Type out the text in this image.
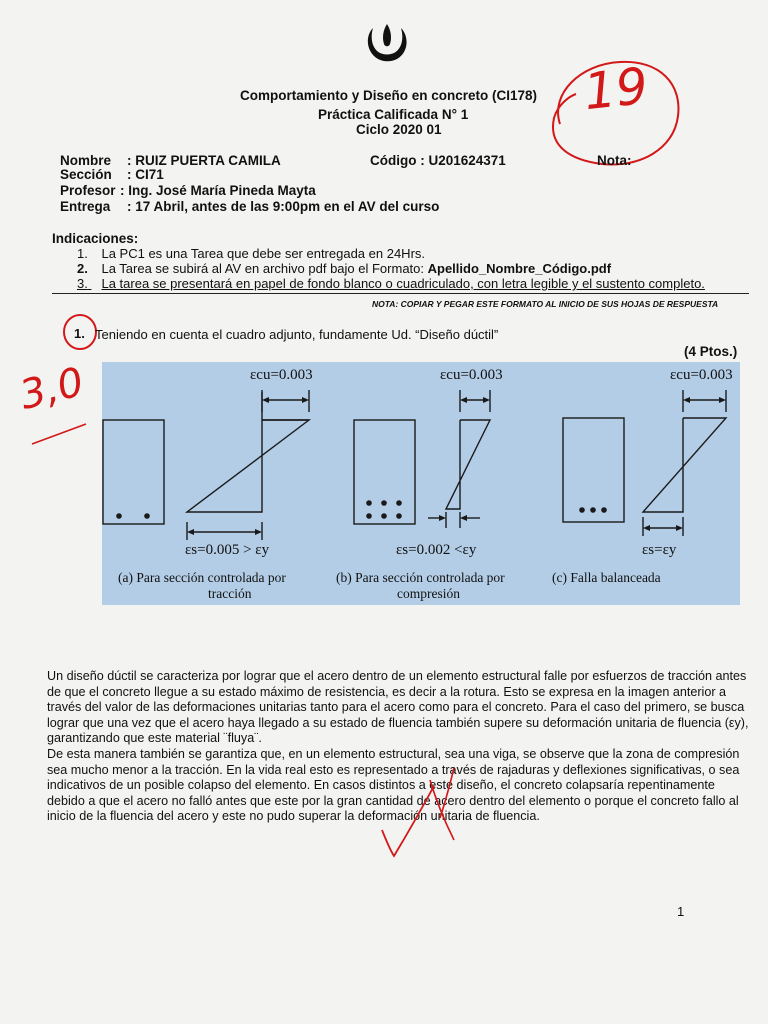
Comportamiento y Diseño en concreto (CI178)
Práctica Calificada N° 1
Ciclo 2020 01
19
Nombre : RUIZ PUERTA CAMILA	Código : U201624371	Nota:
Sección : CI71
Profesor : Ing. José María Pineda Mayta
Entrega : 17 Abril, antes de las 9:00pm en el AV del curso
Indicaciones:
1. La PC1 es una Tarea que debe ser entregada en 24Hrs.
2. La Tarea se subirá al AV en archivo pdf bajo el Formato: Apellido_Nombre_Código.pdf
3. La tarea se presentará en papel de fondo blanco o cuadriculado, con letra legible y el sustento completo.
NOTA: COPIAR Y PEGAR ESTE FORMATO AL INICIO DE SUS HOJAS DE RESPUESTA
1. Teniendo en cuenta el cuadro adjunto, fundamente Ud. “Diseño dúctil”
(4 Ptos.)
3,0	εcu=0.003	εcu=0.003	εcu=0.003
εs=0.005 > εy	εs=0.002 <εy	εs=εy
(a) Para sección controlada por
tracción
(b) Para sección controlada por
compresión
(c) Falla balanceada

Un diseño dúctil se caracteriza por lograr que el acero dentro de un elemento estructural falle por esfuerzos de tracción antes de que el concreto llegue a su estado máximo de resistencia, es decir a la rotura. Esto se expresa en la imagen anterior a través del valor de las deformaciones unitarias tanto para el acero como para el concreto. Para el caso del primero, se busca lograr que una vez que el acero haya llegado a su estado de fluencia también supere su deformación unitaria de fluencia (εy), garantizando que este material ¨fluya¨.

De esta manera también se garantiza que, en un elemento estructural, sea una viga, se observe que la zona de compresión sea mucho menor a la tracción. En la vida real esto es representado a través de rajaduras y deflexiones significativas, o sea indicativos de un posible colapso del elemento. En casos distintos a este diseño, el concreto colapsaría repentinamente debido a que el acero no falló antes que este por la gran cantidad de acero dentro del elemento o porque el concreto fallo al inicio de la fluencia del acero y este no pudo superar la deformación unitaria de fluencia.

1
